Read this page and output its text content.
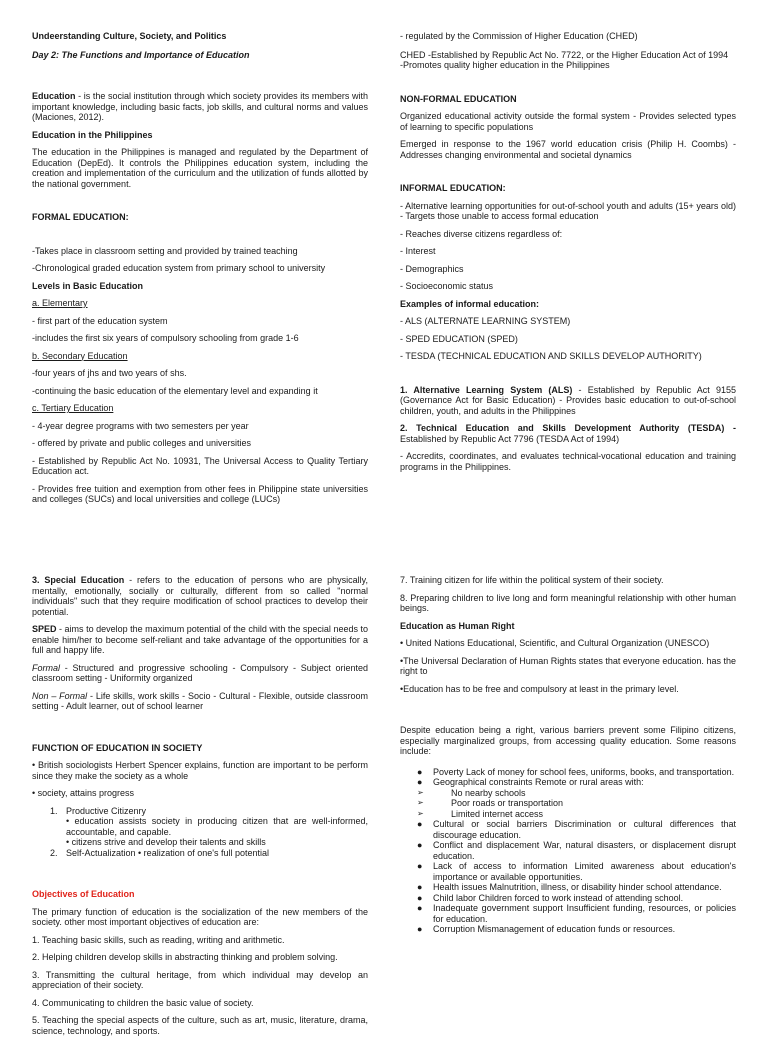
Undeerstanding Culture, Society, and Politics

Day 2: The Functions and Importance of Education

Education - is the social institution through which society provides its members with important knowledge, including basic facts, job skills, and cultural norms and values (Maciones, 2012).

Education in the Philippines

The education in the Philippines is managed and regulated by the Department of Education (DepEd). It controls the Philippines education system, including the creation and implementation of the curriculum and the utilization of funds allotted by the national government.

FORMAL EDUCATION:

-Takes place in classroom setting and provided by trained teaching

-Chronological graded education system from primary school to university

Levels in Basic Education

a. Elementary

- first part of the education system

-includes the first six years of compulsory schooling from grade 1-6

b. Secondary Education

-four years of jhs and two years of shs.

-continuing the basic education of the elementary level and expanding it

c. Tertiary Education

- 4-year degree programs with two semesters per year

- offered by private and public colleges and universities

- Established by Republic Act No. 10931, The Universal Access to Quality Tertiary Education act.

- Provides free tuition and exemption from other fees in Philippine state universities and colleges (SUCs) and local universities and college (LUCs)

- regulated by the Commission of Higher Education (CHED)

CHED -Established by Republic Act No. 7722, or the Higher Education Act of 1994

-Promotes quality higher education in the Philippines

NON-FORMAL EDUCATION

Organized educational activity outside the formal system - Provides selected types of learning to specific populations

Emerged in response to the 1967 world education crisis (Philip H. Coombs) - Addresses changing environmental and societal dynamics

INFORMAL EDUCATION:

- Alternative learning opportunities for out-of-school youth and adults (15+ years old) - Targets those unable to access formal education

- Reaches diverse citizens regardless of:

- Interest

- Demographics

- Socioeconomic status

Examples of informal education:

- ALS (ALTERNATE LEARNING SYSTEM)

- SPED EDUCATION (SPED)

- TESDA (TECHNICAL EDUCATION AND SKILLS DEVELOP AUTHORITY)

1. Alternative Learning System (ALS) - Established by Republic Act 9155 (Governance Act for Basic Education) - Provides basic education to out-of-school children, youth, and adults in the Philippines

2. Technical Education and Skills Development Authority (TESDA) - Established by Republic Act 7796 (TESDA Act of 1994)

- Accredits, coordinates, and evaluates technical-vocational education and training programs in the Philippines.

3. Special Education - refers to the education of persons who are physically, mentally, emotionally, socially or culturally, different from so called "normal individuals" such that they require modification of school practices to develop their potential.

SPED - aims to develop the maximum potential of the child with the special needs to enable him/her to become self-reliant and take advantage of the opportunities for a full and happy life.

Formal - Structured and progressive schooling - Compulsory - Subject oriented classroom setting - Uniformity organized

Non – Formal - Life skills, work skills - Socio - Cultural - Flexible, outside classroom setting - Adult learner, out of school learner

FUNCTION OF EDUCATION IN SOCIETY

• British sociologists Herbert Spencer explains, function are important to be perform since they make the society as a whole

• society, attains progress

1. Productive Citizenry
• education assists society in producing citizen that are well-informed, accountable, and capable.
• citizens strive and develop their talents and skills
2. Self-Actualization • realization of one's full potential

Objectives of Education

The primary function of education is the socialization of the new members of the society. other most important objectives of education are:

1. Teaching basic skills, such as reading, writing and arithmetic.

2. Helping children develop skills in abstracting thinking and problem solving.

3. Transmitting the cultural heritage, from which individual may develop an appreciation of their society.

4. Communicating to children the basic value of society.

5. Teaching the special aspects of the culture, such as art, music, literature, drama, science, technology, and sports.

7. Training citizen for life within the political system of their society.

8. Preparing children to live long and form meaningful relationship with other human beings.

Education as Human Right

• United Nations Educational, Scientific, and Cultural Organization (UNESCO)

•The Universal Declaration of Human Rights states that everyone education. has the right to

•Education has to be free and compulsory at least in the primary level.

Despite education being a right, various barriers prevent some Filipino citizens, especially marginalized groups, from accessing quality education. Some reasons include:

● Poverty Lack of money for school fees, uniforms, books, and transportation.
● Geographical constraints Remote or rural areas with:
➢	No nearby schools
➢	Poor roads or transportation
➢	Limited internet access
● Cultural or social barriers Discrimination or cultural differences that discourage education.
● Conflict and displacement War, natural disasters, or displacement disrupt education.
● Lack of access to information Limited awareness about education's importance or available opportunities.
● Health issues Malnutrition, illness, or disability hinder school attendance.
● Child labor Children forced to work instead of attending school.
● Inadequate government support Insufficient funding, resources, or policies for education.
● Corruption Mismanagement of education funds or resources.
